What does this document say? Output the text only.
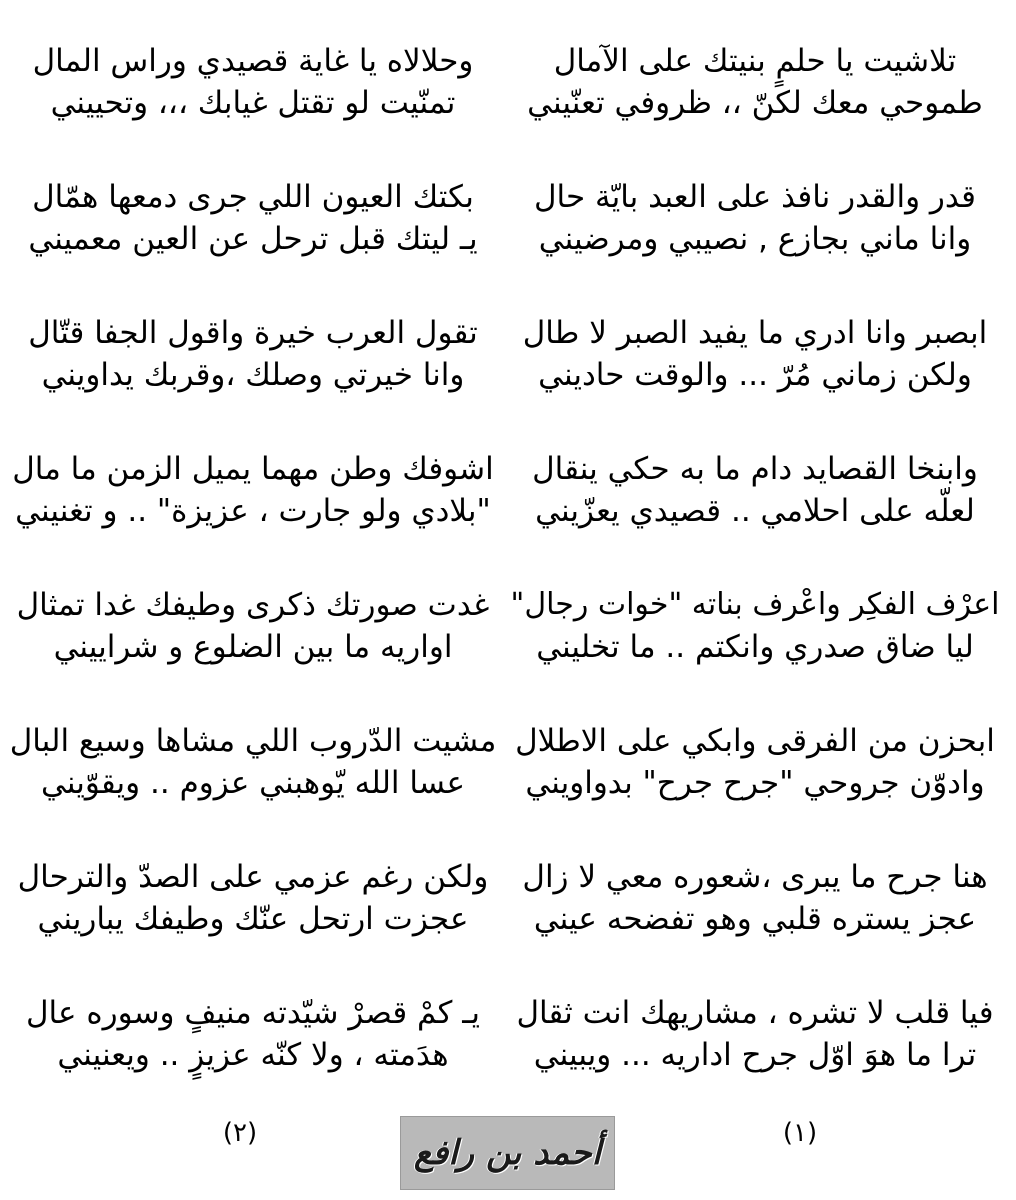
تلاشيت يا حلمٍ بنيتك على الآمال
طموحي معك لكنّ ،، ظروفي تعنّيني
قدر والقدر نافذ على العبد بايّة حال
وانا ماني بجازع , نصيبي ومرضيني
ابصبر وانا ادري ما يفيد الصبر لا طال
ولكن زماني مُرّ ... والوقت حاديني
وابنخا القصايد دام ما به حكي ينقال
لعلّه على احلامي .. قصيدي يعزّيني
اعرْف الفكِر واعْرف بناته "خوات رجال"
ليا ضاق صدري وانكتم .. ما تخليني
ابحزن من الفرقى وابكي على الاطلال
وادوّن جروحي "جرح جرح" بدواويني
هنا جرح ما يبرى ،شعوره معي لا زال
عجز يستره قلبي وهو تفضحه عيني
فيا قلب لا تشره ، مشاريهك انت ثقال
ترا ما هوَ اوّل جرح اداريه ... ويبيني
وحلالاه يا غاية قصيدي وراس المال
تمنّيت لو تقتل غيابك ،،، وتحييني
بكتك العيون اللي جرى دمعها همّال
يـ ليتك قبل ترحل عن العين معميني
تقول العرب خيرة واقول الجفا قتّال
وانا خيرتي وصلك ،وقربك يداويني
اشوفك وطن مهما يميل الزمن ما مال
"بلادي ولو جارت ، عزيزة" .. و تغنيني
غدت صورتك ذكرى وطيفك غدا تمثال
اواريه ما بين الضلوع و شراييني
مشيت الدّروب اللي مشاها وسيع البال
عسا الله يّوهبني عزوم .. ويقوّيني
ولكن رغم عزمي على الصدّ والترحال
عجزت ارتحل عنّك وطيفك يباريني
يـ كمْ قصرْ شيّدته منيفٍ وسوره عال
هدَمته ، ولا كنّه عزيزٍ .. ويعنيني
(١)
(٢)	أحمد بن رافع
